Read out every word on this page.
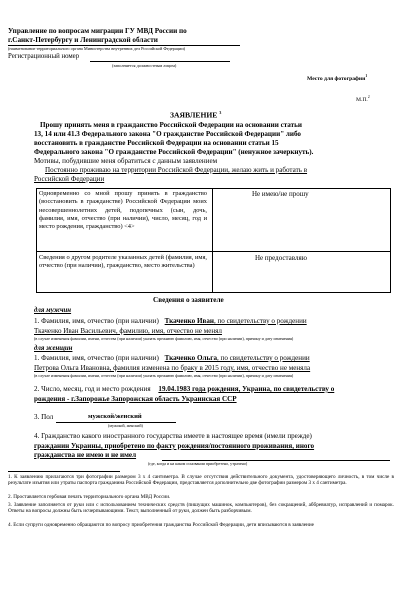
Управление по вопросам миграции ГУ МВД России по
г.Санкт-Петербургу и Ленинградской области
(наименование территориального органа Министерства внутренних дел Российской Федерации)
Регистрационный номер
(заполняется должностным лицом)
Место для фотографии$^1$
М.П.$^2$
ЗАЯВЛЕНИЕ $^3$
Прошу принять меня в гражданство Российской Федерации на основании статьи
13, 14 или 41.3 Федерального закона "О гражданстве Российской Федерации" либо
восстановить в гражданстве Российской Федерации на основании статьи 15
Федерального закона "О гражданстве Российской Федерации" (ненужное зачеркнуть).
Мотивы, побудившие меня обратиться с данным заявлением
Постоянно проживаю на территории Российской Федерации, желаю жить и работать в
Российской Федерации
Одновременно со мной прошу принять в гражданство (восстановить в гражданстве) Российской Федерации моих несовершеннолетних детей, подопечных (сын, дочь, фамилия, имя, отчество (при наличии), число, месяц, год и место рождения, гражданство) <4>
Не имею/не прошу
Сведения о другом родителе указанных детей (фамилия, имя, отчество (при наличии), гражданство, место жительства)
Не предоставляю
Сведения о заявителе
для мужчин
1. Фамилия, имя, отчество (при наличии) Ткаченко Иван, по свидетельству о рождении
Ткаченко Иван Васильевич, фамилию, имя, отчество не менял
(в случае изменения фамилии, имени, отчества (при наличии) указать прежнюю фамилию, имя, отчество (при наличии), причину и дату изменения)
для женщин
1. Фамилия, имя, отчество (при наличии) Ткаченко Ольга, по свидетельству о рождении
Петрова Ольга Ивановна, фамилия изменена по браку в 2015 году, имя, отчество не меняла
(в случае изменения фамилии, имени, отчества (при наличии) указать прежнюю фамилию, имя, отчество (при наличии), причину и дату изменения)
2. Число, месяц, год и место рождения 19.04.1983 года рождения, Украина, по свидетельству о
рождения - г.Запорожье Запорожская область Украинская ССР
3. Пол	мужской/женский
(мужской, женский)
4. Гражданство какого иностранного государства имеете в настоящее время (имели прежде)
гражданин Украины, приобретено по факту рождения/постоянного проживания, иного
гражданства не имею и не имел
(где, когда и на каком основании приобретено, утрачено)
1. К заявлению прилагаются три фотографии размером 3 x 4 сантиметра. В случае отсутствия действительного документа, удостоверяющего личность, в том числе в результате изъятия или утраты паспорта гражданина Российской Федерации, представляется дополнительно две фотографии размером 3 x 4 сантиметра.
2. Проставляется гербовая печать территориального органа МВД России.
3. Заявление заполняется от руки или с использованием технических средств (пишущих машинок, компьютеров), без сокращений, аббревиатур, исправлений и помарок. Ответы на вопросы должны быть исчерпывающими. Текст, выполненный от руки, должен быть разборчивым.
4. Если супруги одновременно обращаются по вопросу приобретения гражданства Российской Федерации, дети вписываются в заявление
